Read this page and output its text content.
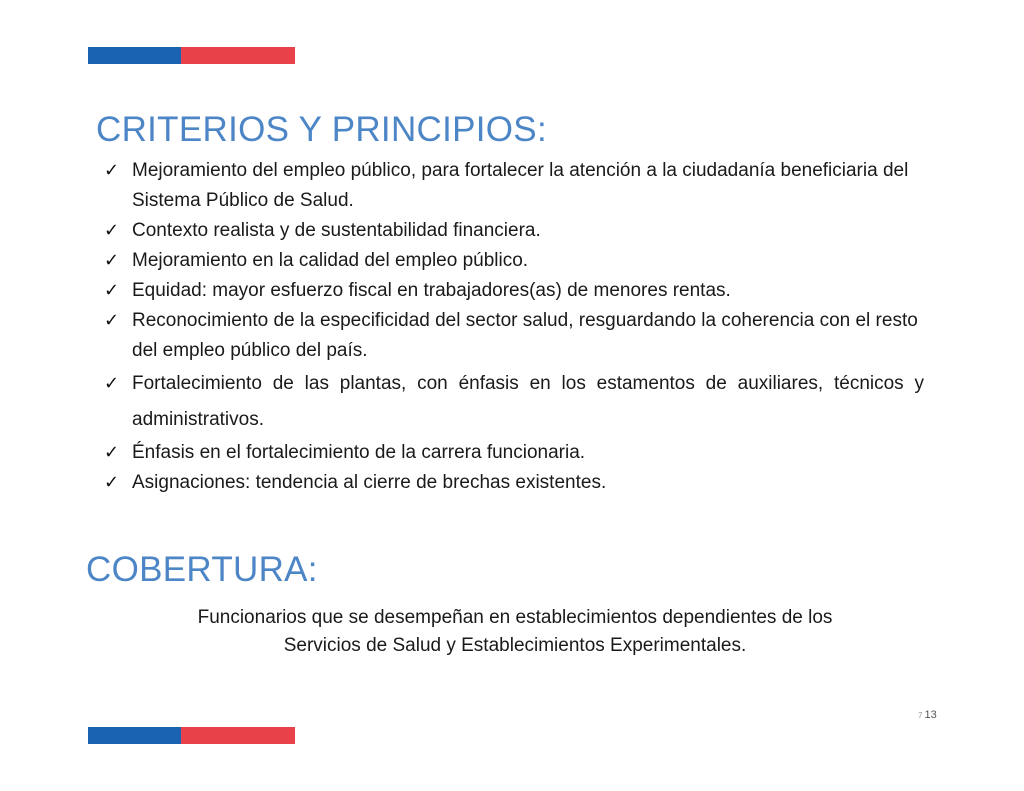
CRITERIOS Y PRINCIPIOS:
✓ Mejoramiento del empleo público, para fortalecer la atención a la ciudadanía beneficiaria del Sistema Público de Salud.
✓ Contexto realista y de sustentabilidad financiera.
✓ Mejoramiento en la calidad del empleo público.
✓ Equidad: mayor esfuerzo fiscal en trabajadores(as) de menores rentas.
✓ Reconocimiento de la especificidad del sector salud, resguardando la coherencia con el resto del empleo público del país.
✓ Fortalecimiento de las plantas, con énfasis en los estamentos de auxiliares, técnicos y administrativos.
✓ Énfasis en el fortalecimiento de la carrera funcionaria.
✓ Asignaciones: tendencia al cierre de brechas existentes.
COBERTURA:
Funcionarios que se desempeñan en establecimientos dependientes de los
Servicios de Salud y Establecimientos Experimentales.
7 13
